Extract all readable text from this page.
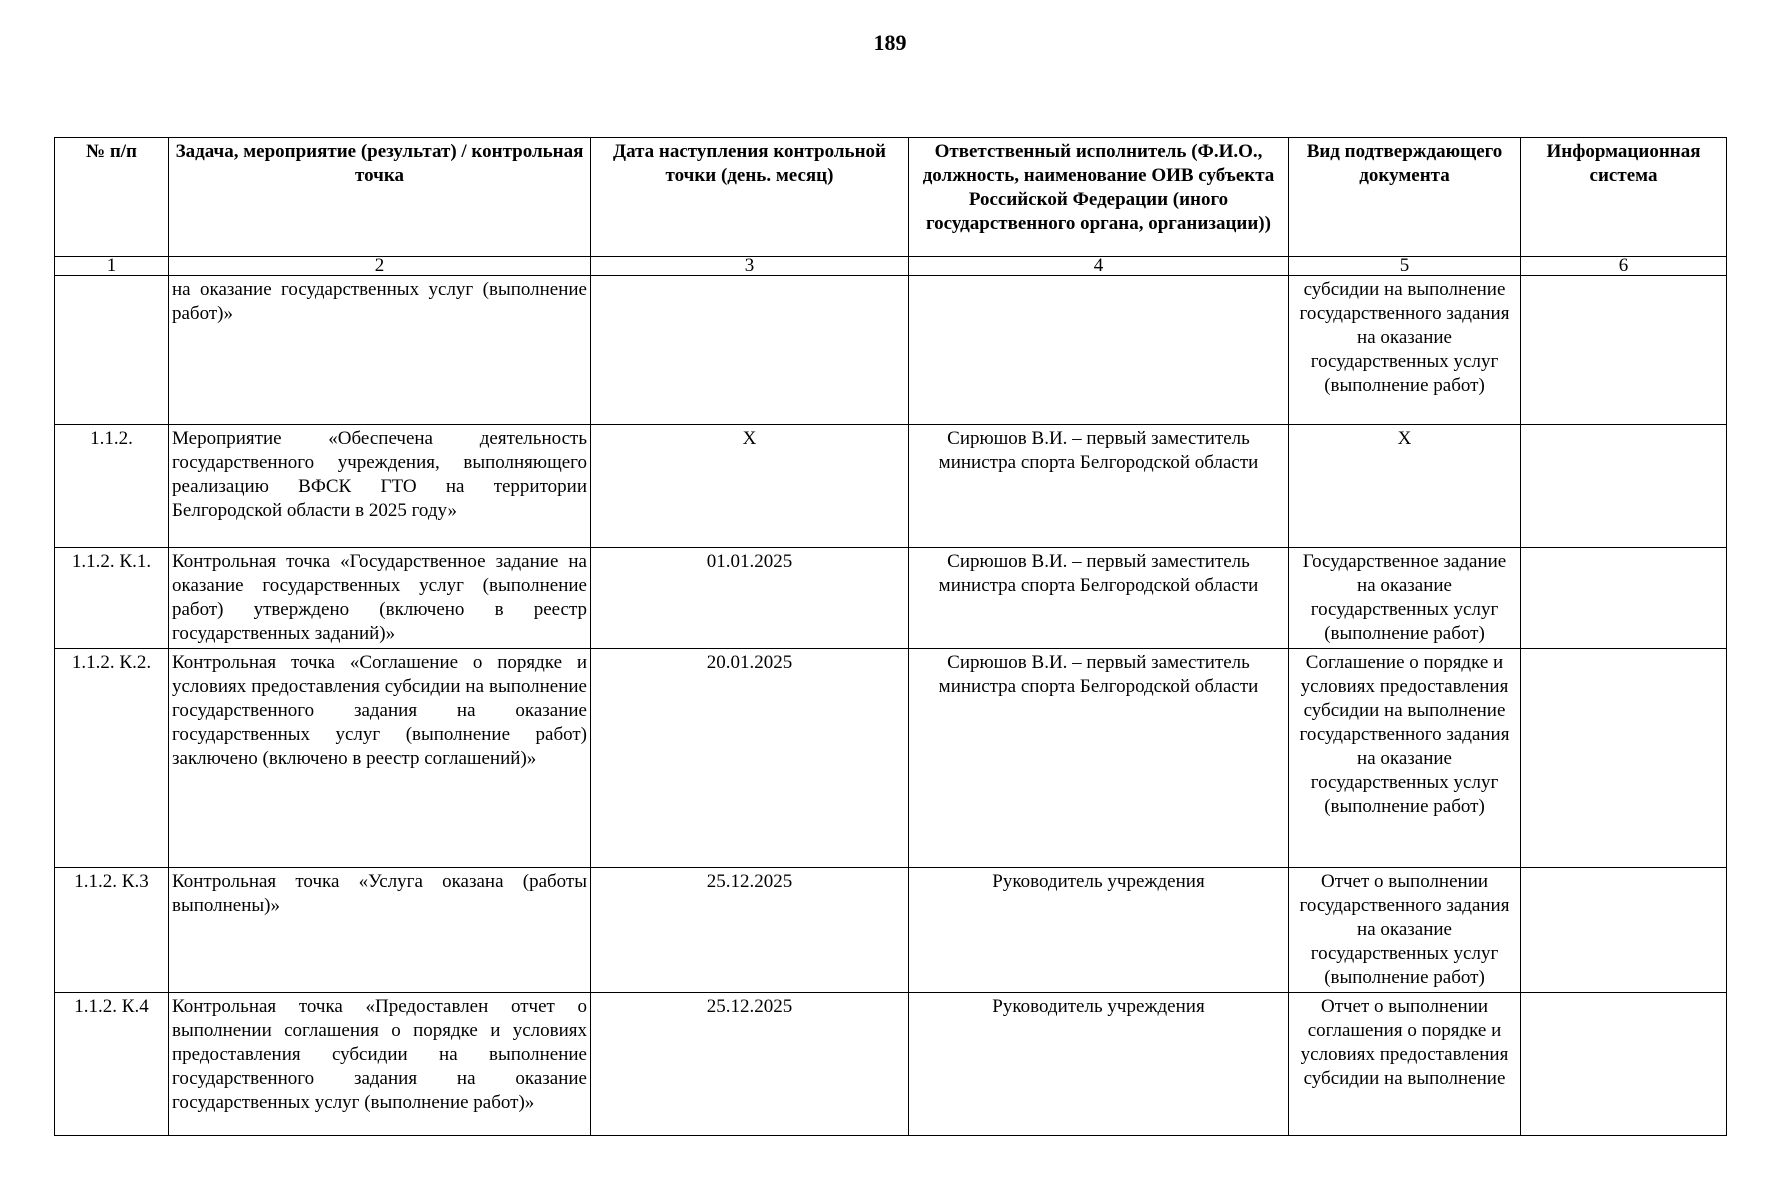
189
№ п/п	Задача, мероприятие (результат) / контрольная точка	Дата наступления контрольной точки (день. месяц)	Ответственный исполнитель (Ф.И.О., должность, наименование ОИВ субъекта Российской Федерации (иного государственного органа, организации))	Вид подтверждающего документа	Информационная система
1	2	3	4	5	6
	на оказание государственных услуг (выполнение работ)»			субсидии на выполнение государственного задания на оказание государственных услуг (выполнение работ)	
1.1.2.	Мероприятие «Обеспечена деятельность государственного учреждения, выполняющего реализацию ВФСК ГТО на территории Белгородской области в 2025 году»	Х	Сирюшов В.И. – первый заместитель министра спорта Белгородской области	Х	
1.1.2. К.1.	Контрольная точка «Государственное задание на оказание государственных услуг (выполнение работ) утверждено (включено в реестр государственных заданий)»	01.01.2025	Сирюшов В.И. – первый заместитель министра спорта Белгородской области	Государственное задание на оказание государственных услуг (выполнение работ)	
1.1.2. К.2.	Контрольная точка «Соглашение о порядке и условиях предоставления субсидии на выполнение государственного задания на оказание государственных услуг (выполнение работ) заключено (включено в реестр соглашений)»	20.01.2025	Сирюшов В.И. – первый заместитель министра спорта Белгородской области	Соглашение о порядке и условиях предоставления субсидии на выполнение государственного задания на оказание государственных услуг (выполнение работ)	
1.1.2. К.3	Контрольная точка «Услуга оказана (работы выполнены)»	25.12.2025	Руководитель учреждения	Отчет о выполнении государственного задания на оказание государственных услуг (выполнение работ)	
1.1.2. К.4	Контрольная точка «Предоставлен отчет о выполнении соглашения о порядке и условиях предоставления субсидии на выполнение государственного задания на оказание государственных услуг (выполнение работ)»	25.12.2025	Руководитель учреждения	Отчет о выполнении соглашения о порядке и условиях предоставления субсидии на выполнение	
